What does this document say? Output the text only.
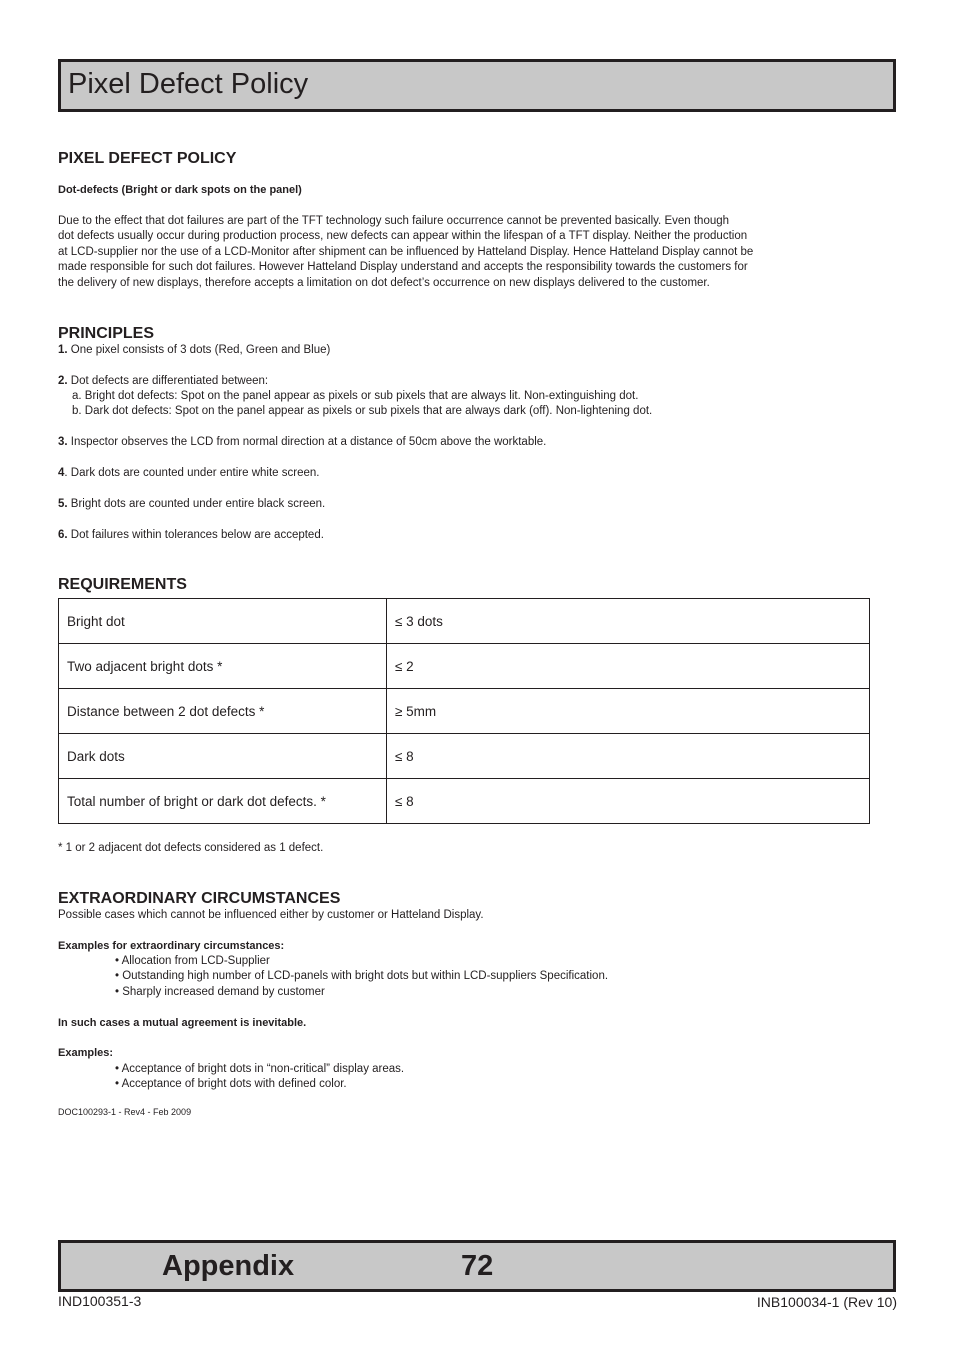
Pixel Defect Policy
PIXEL DEFECT POLICY
Dot-defects (Bright or dark spots on the panel)
Due to the effect that dot failures are part of the TFT technology such failure occurrence cannot be prevented basically. Even though
dot defects usually occur during production process, new defects can appear within the lifespan of a TFT display. Neither the production
at LCD-supplier nor the use of a LCD-Monitor after shipment can be influenced by Hatteland Display. Hence Hatteland Display cannot be
made responsible for such dot failures. However Hatteland Display understand and accepts the responsibility towards the customers for
the delivery of new displays, therefore accepts a limitation on dot defect’s occurrence on new displays delivered to the customer.
PRINCIPLES
1. One pixel consists of 3 dots (Red, Green and Blue)
2. Dot defects are differentiated between:
a. Bright dot defects: Spot on the panel appear as pixels or sub pixels that are always lit. Non-extinguishing dot.
b. Dark dot defects: Spot on the panel appear as pixels or sub pixels that are always dark (off). Non-lightening dot.
3. Inspector observes the LCD from normal direction at a distance of 50cm above the worktable.
4. Dark dots are counted under entire white screen.
5. Bright dots are counted under entire black screen.
6. Dot failures within tolerances below are accepted.
REQUIREMENTS
Bright dot	≤ 3 dots
Two adjacent bright dots *	≤ 2
Distance between 2 dot defects *	≥ 5mm
Dark dots	≤ 8
Total number of bright or dark dot defects. *	≤ 8
* 1 or 2 adjacent dot defects considered as 1 defect.
EXTRAORDINARY CIRCUMSTANCES
Possible cases which cannot be influenced either by customer or Hatteland Display.
Examples for extraordinary circumstances:
• Allocation from LCD-Supplier
• Outstanding high number of LCD-panels with bright dots but within LCD-suppliers Specification.
• Sharply increased demand by customer
In such cases a mutual agreement is inevitable.
Examples:
• Acceptance of bright dots in “non-critical” display areas.
• Acceptance of bright dots with defined color.
DOC100293-1 - Rev4 - Feb 2009
Appendix	72
IND100351-3	INB100034-1 (Rev 10)
